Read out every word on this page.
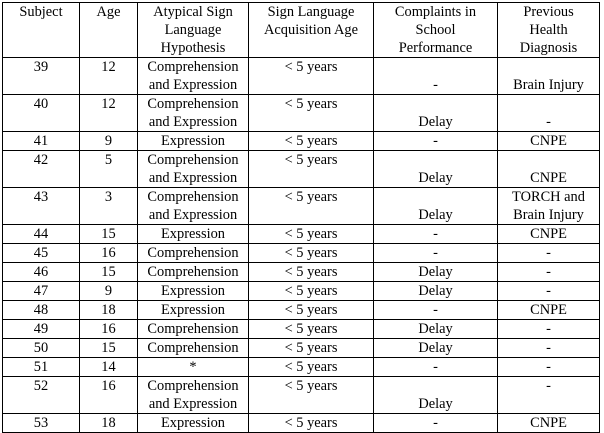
Subject	Age	Atypical Sign
Language
Hypothesis	Sign Language
Acquisition Age	Complaints in
School
Performance	Previous
Health
Diagnosis
39	12	Comprehension
and Expression	< 5 years	-	Brain Injury
40	12	Comprehension
and Expression	< 5 years	Delay	-
41	9	Expression	< 5 years	-	CNPE
42	5	Comprehension
and Expression	< 5 years	Delay	CNPE
43	3	Comprehension
and Expression	< 5 years	Delay	TORCH and
Brain Injury
44	15	Expression	< 5 years	-	CNPE
45	16	Comprehension	< 5 years	-	-
46	15	Comprehension	< 5 years	Delay	-
47	9	Expression	< 5 years	Delay	-
48	18	Expression	< 5 years	-	CNPE
49	16	Comprehension	< 5 years	Delay	-
50	15	Comprehension	< 5 years	Delay	-
51	14	*	< 5 years	-	-
52	16	Comprehension
and Expression	< 5 years	Delay	-
53	18	Expression	< 5 years	-	CNPE
